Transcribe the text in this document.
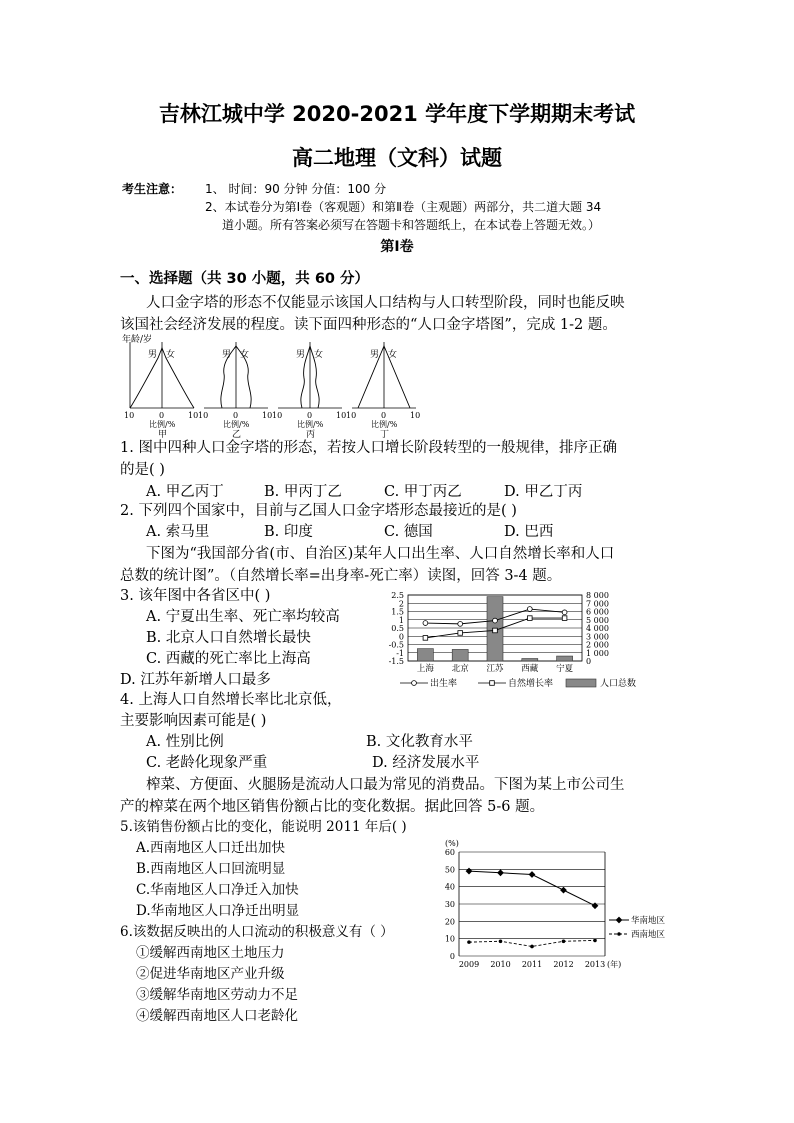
吉林江城中学 2020-2021 学年度下学期期末考试
高二地理（文科）试题
考生注意： 1、 时间：90 分钟 分值：100 分
2、本试卷分为第Ⅰ卷（客观题）和第Ⅱ卷（主观题）两部分，共二道大题 34
道小题。所有答案必须写在答题卡和答题纸上，在本试卷上答题无效。）
第Ⅰ卷
一、选择题（共 30 小题，共 60 分）
人口金字塔的形态不仅能显示该国人口结构与人口转型阶段，同时也能反映
该国社会经济发展的程度。读下面四种形态的“人口金字塔图”，完成 1-2 题。
年龄/岁
男 女
10	0	10
比例/%
甲
男 女
10	0	10
比例/%
乙
男 女
10	0	10
比例/%
丙
男 女
10	0	10
比例/%
丁
1. 图中四种人口金字塔的形态，若按人口增长阶段转型的一般规律，排序正确
的是( )
A. 甲乙丙丁	B. 甲丙丁乙	C. 甲丁丙乙	D. 甲乙丁丙
2. 下列四个国家中，目前与乙国人口金字塔形态最接近的是( )
A. 索马里	B. 印度	C. 德国	D. 巴西
下图为“我国部分省(市、自治区)某年人口出生率、人口自然增长率和人口
总数的统计图”。（自然增长率=出身率-死亡率）读图，回答 3-4 题。
3. 该年图中各省区中( )
A. 宁夏出生率、死亡率均较高
B. 北京人口自然增长最快
C. 西藏的死亡率比上海高
D. 江苏年新增人口最多
4. 上海人口自然增长率比北京低，
主要影响因素可能是( )
A. 性别比例	B. 文化教育水平
C. 老龄化现象严重	D. 经济发展水平
2.5
2
1.5
1
0.5
0
-0.5
-1
-1.5
8 000
7 000
6 000
5 000
4 000
3 000
2 000
1 000
0
上海 北京 江苏 西藏 宁夏
出生率	自然增长率	人口总数
榨菜、方便面、火腿肠是流动人口最为常见的消费品。下图为某上市公司生
产的榨菜在两个地区销售份额占比的变化数据。据此回答 5-6 题。
5.该销售份额占比的变化，能说明 2011 年后( )
A.西南地区人口迁出加快
B.西南地区人口回流明显
C.华南地区人口净迁入加快
D.华南地区人口净迁出明显
6.该数据反映出的人口流动的积极意义有（ ）
①缓解西南地区土地压力
②促进华南地区产业升级
③缓解华南地区劳动力不足
④缓解西南地区人口老龄化
(%)
60
50
40
30
20
10
0
2009 2010 2011 2012 2013 (年)
华南地区
西南地区
